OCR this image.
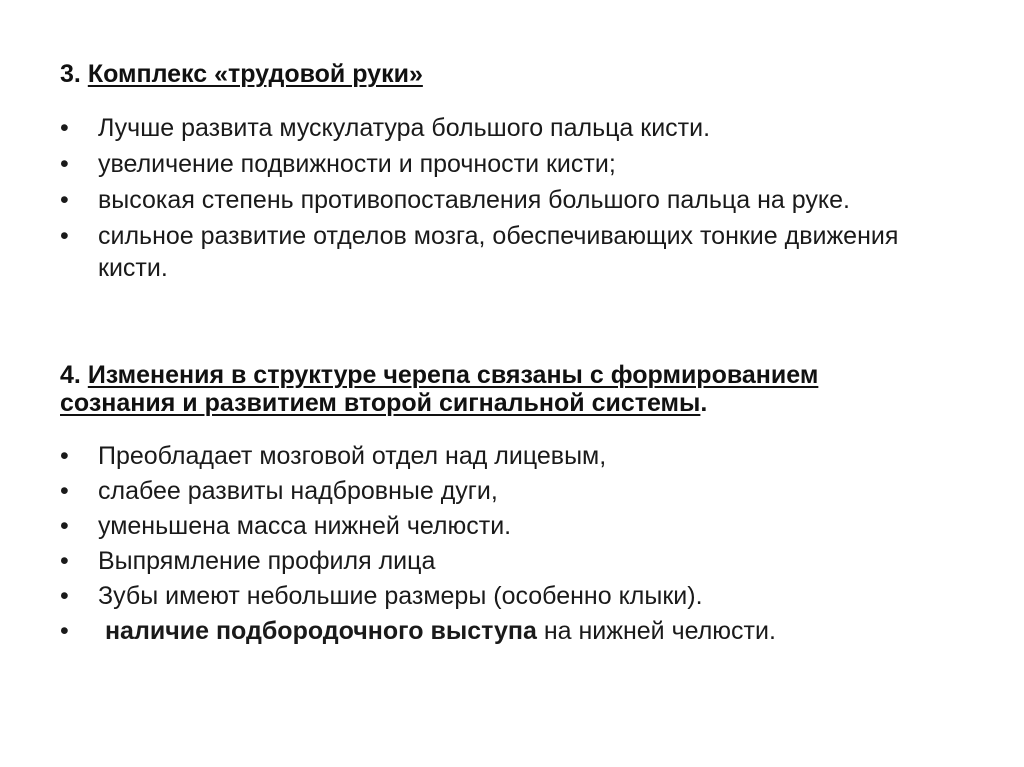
3. Комплекс «трудовой руки»
• Лучше развита мускулатура большого пальца кисти.
• увеличение подвижности и прочности кисти;
• высокая степень противопоставления большого пальца на руке.
• сильное развитие отделов мозга, обеспечивающих тонкие движения кисти.
4. Изменения в структуре черепа связаны с формированием сознания и развитием второй сигнальной системы.
• Преобладает мозговой отдел над лицевым,
• слабее развиты надбровные дуги,
• уменьшена масса нижней челюсти.
• Выпрямление профиля лица
• Зубы имеют небольшие размеры (особенно клыки).
• наличие подбородочного выступа на нижней челюсти.
